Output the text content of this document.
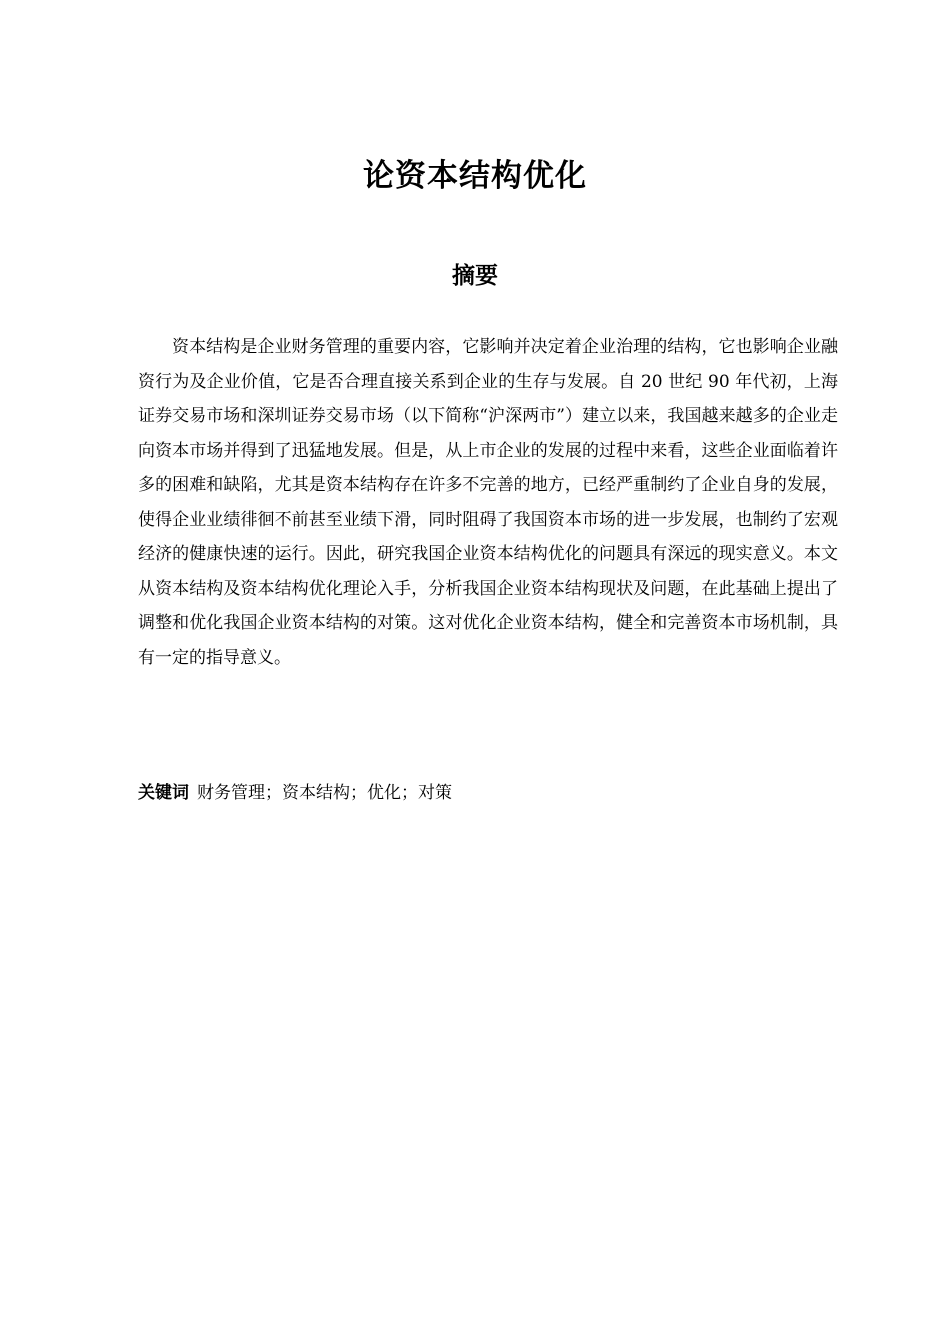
论资本结构优化
摘要

资本结构是企业财务管理的重要内容，它影响并决定着企业治理的结构，它也影响企业融资行为及企业价值，它是否合理直接关系到企业的生存与发展。自 20 世纪 90 年代初，上海证券交易市场和深圳证券交易市场（以下简称“沪深两市”）建立以来，我国越来越多的企业走向资本市场并得到了迅猛地发展。但是，从上市企业的发展的过程中来看，这些企业面临着许多的困难和缺陷，尤其是资本结构存在许多不完善的地方，已经严重制约了企业自身的发展，使得企业业绩徘徊不前甚至业绩下滑，同时阻碍了我国资本市场的进一步发展，也制约了宏观经济的健康快速的运行。因此，研究我国企业资本结构优化的问题具有深远的现实意义。本文从资本结构及资本结构优化理论入手，分析我国企业资本结构现状及问题，在此基础上提出了调整和优化我国企业资本结构的对策。这对优化企业资本结构，健全和完善资本市场机制，具有一定的指导意义。

关键词 财务管理；资本结构；优化；对策
